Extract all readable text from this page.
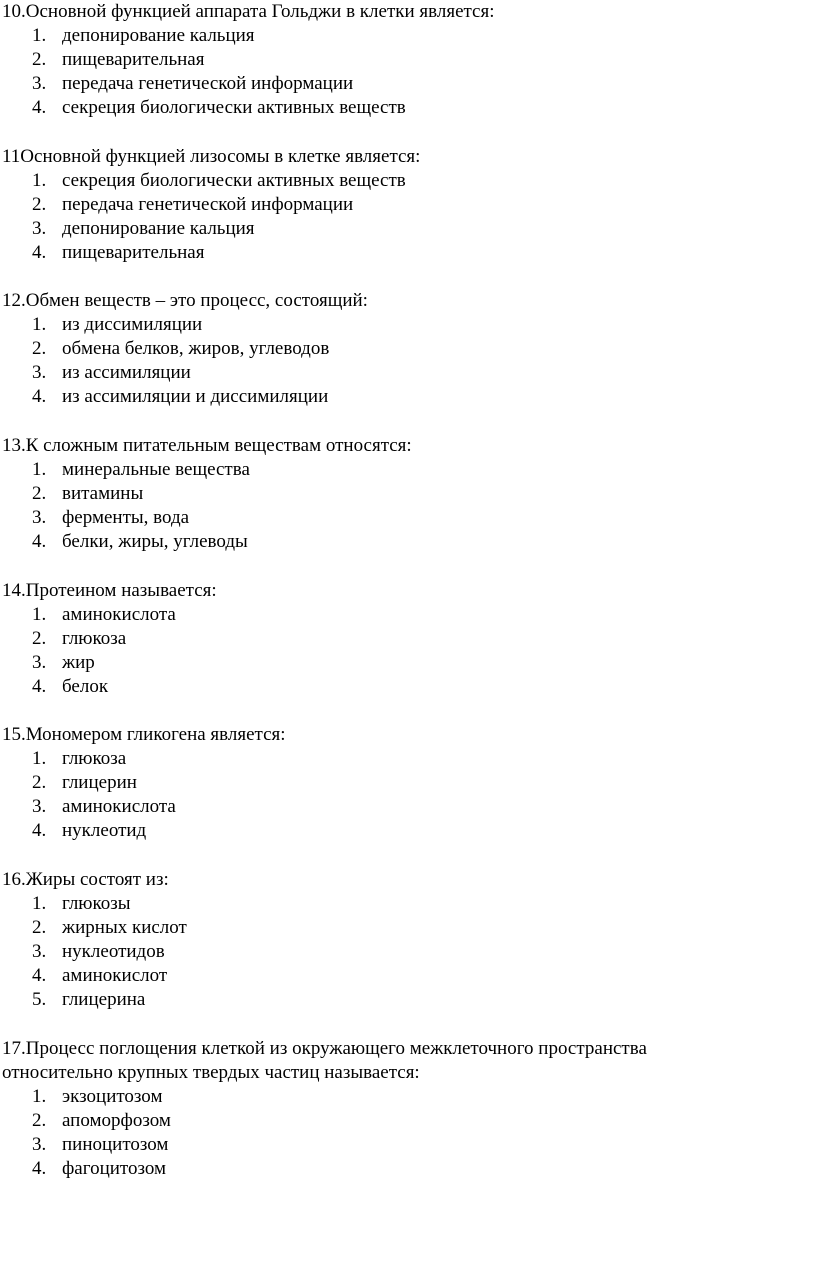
10.Основной функцией аппарата Гольджи в клетки является:

1. депонирование кальция
2. пищеварительная
3. передача генетической информации
4. секреция биологически активных веществ

11Основной функцией лизосомы в клетке является:

1. секреция биологически активных веществ
2. передача генетической информации
3. депонирование кальция
4. пищеварительная

12.Обмен веществ – это процесс, состоящий:

1. из диссимиляции
2. обмена белков, жиров, углеводов
3. из ассимиляции
4. из ассимиляции и диссимиляции

13.К сложным питательным веществам относятся:

1. минеральные вещества
2. витамины
3. ферменты, вода
4. белки, жиры, углеводы

14.Протеином называется:

1. аминокислота
2. глюкоза
3. жир
4. белок

15.Мономером гликогена является:

1. глюкоза
2. глицерин
3. аминокислота
4. нуклеотид

16.Жиры состоят из:

1. глюкозы
2. жирных кислот
3. нуклеотидов
4. аминокислот
5. глицерина

17.Процесс поглощения клеткой из окружающего межклеточного пространства
относительно крупных твердых частиц называется:

1. экзоцитозом
2. апоморфозом
3. пиноцитозом
4. фагоцитозом
